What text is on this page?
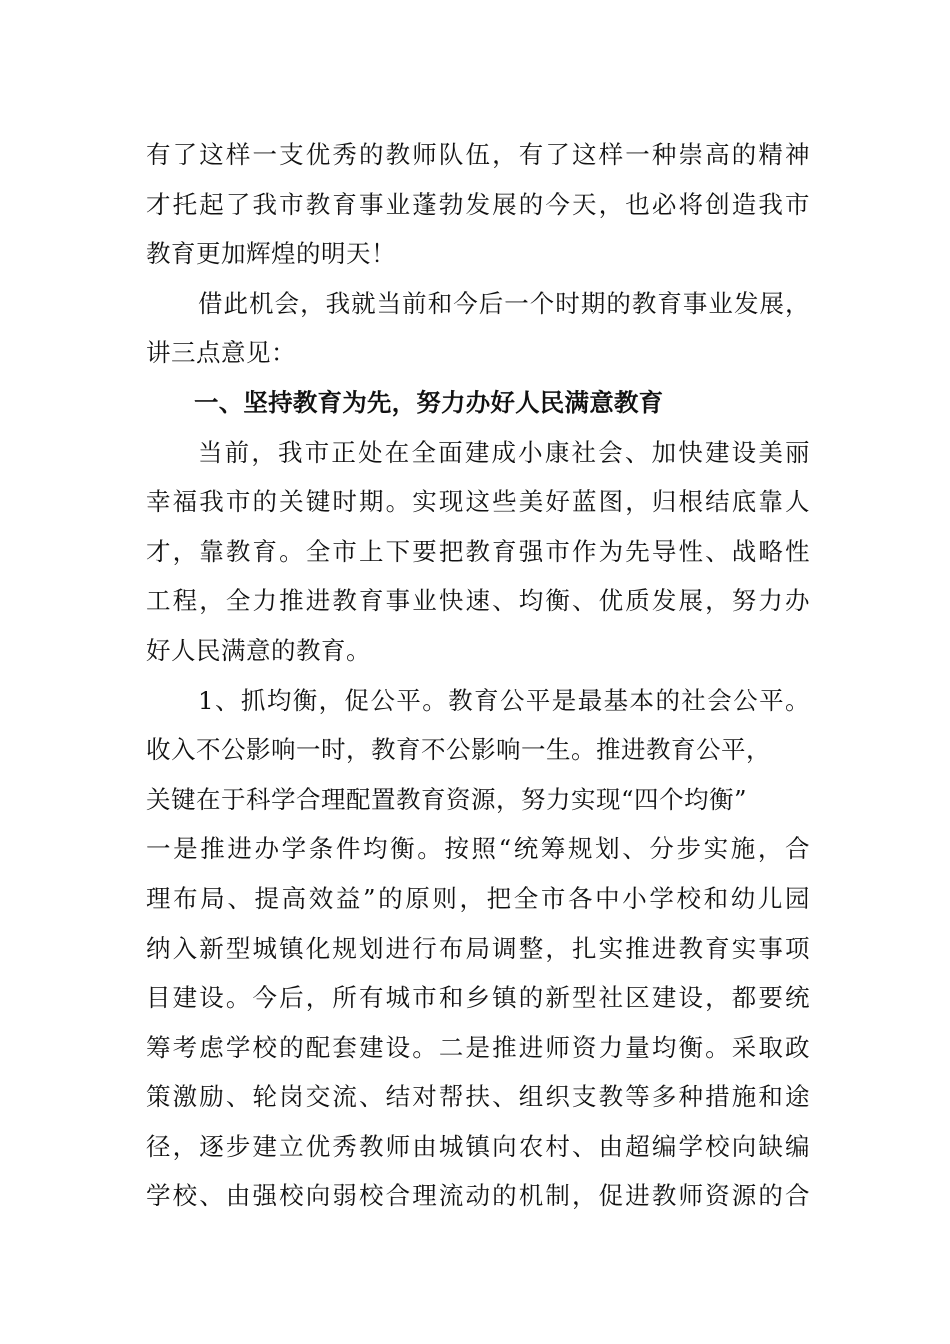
有了这样一支优秀的教师队伍，有了这样一种崇高的精神
才托起了我市教育事业蓬勃发展的今天，也必将创造我市
教育更加辉煌的明天！
借此机会，我就当前和今后一个时期的教育事业发展，
讲三点意见：
一、坚持教育为先，努力办好人民满意教育
当前，我市正处在全面建成小康社会、加快建设美丽
幸福我市的关键时期。实现这些美好蓝图，归根结底靠人
才，靠教育。全市上下要把教育强市作为先导性、战略性
工程，全力推进教育事业快速、均衡、优质发展，努力办
好人民满意的教育。
1、抓均衡，促公平。教育公平是最基本的社会公平。
收入不公影响一时，教育不公影响一生。推进教育公平，
关键在于科学合理配置教育资源，努力实现“四个均衡”
一是推进办学条件均衡。按照“统筹规划、分步实施，合
理布局、提高效益”的原则，把全市各中小学校和幼儿园
纳入新型城镇化规划进行布局调整，扎实推进教育实事项
目建设。今后，所有城市和乡镇的新型社区建设，都要统
筹考虑学校的配套建设。二是推进师资力量均衡。采取政
策激励、轮岗交流、结对帮扶、组织支教等多种措施和途
径，逐步建立优秀教师由城镇向农村、由超编学校向缺编
学校、由强校向弱校合理流动的机制，促进教师资源的合
